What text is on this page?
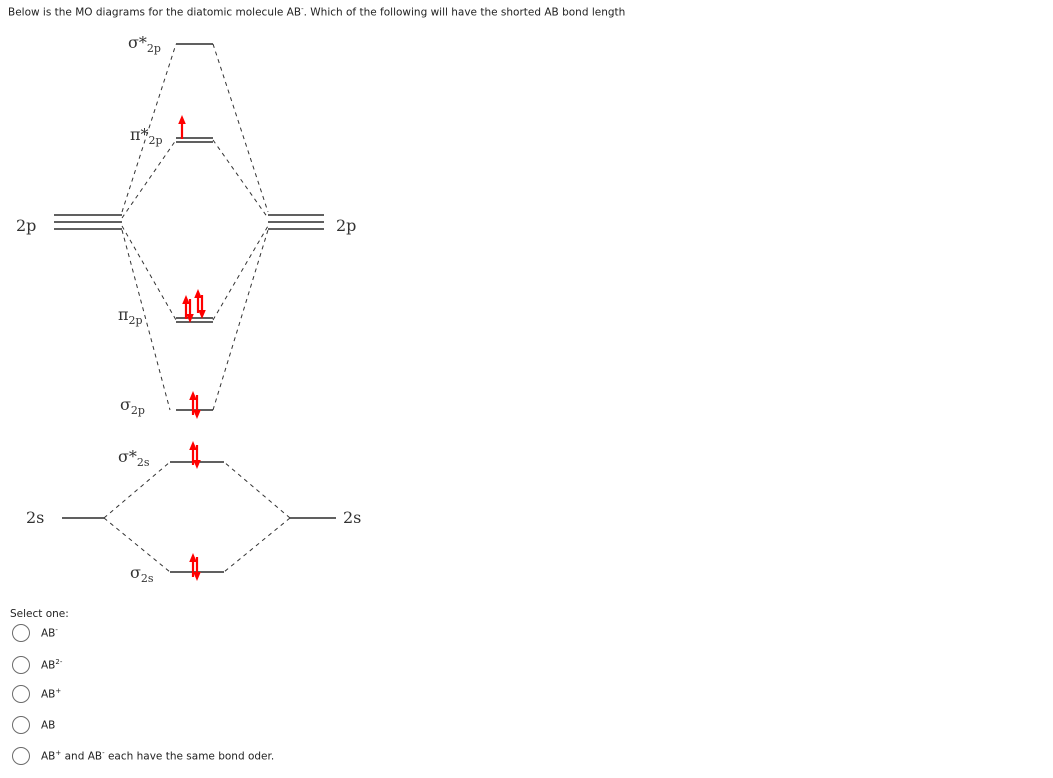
Below is the MO diagrams for the diatomic molecule AB-. Which of the following will have the shorted AB bond length
2p	2p
2s	2s
$\sigma*_{2p}$
$\pi*_{2p}$
$\pi_{2p}$
$\sigma_{2p}$
$\sigma*_{2s}$
$\sigma_{2s}$
Select one:
AB-
$AB^{2-}$
AB+
AB
AB+ and AB- each have the same bond oder.
